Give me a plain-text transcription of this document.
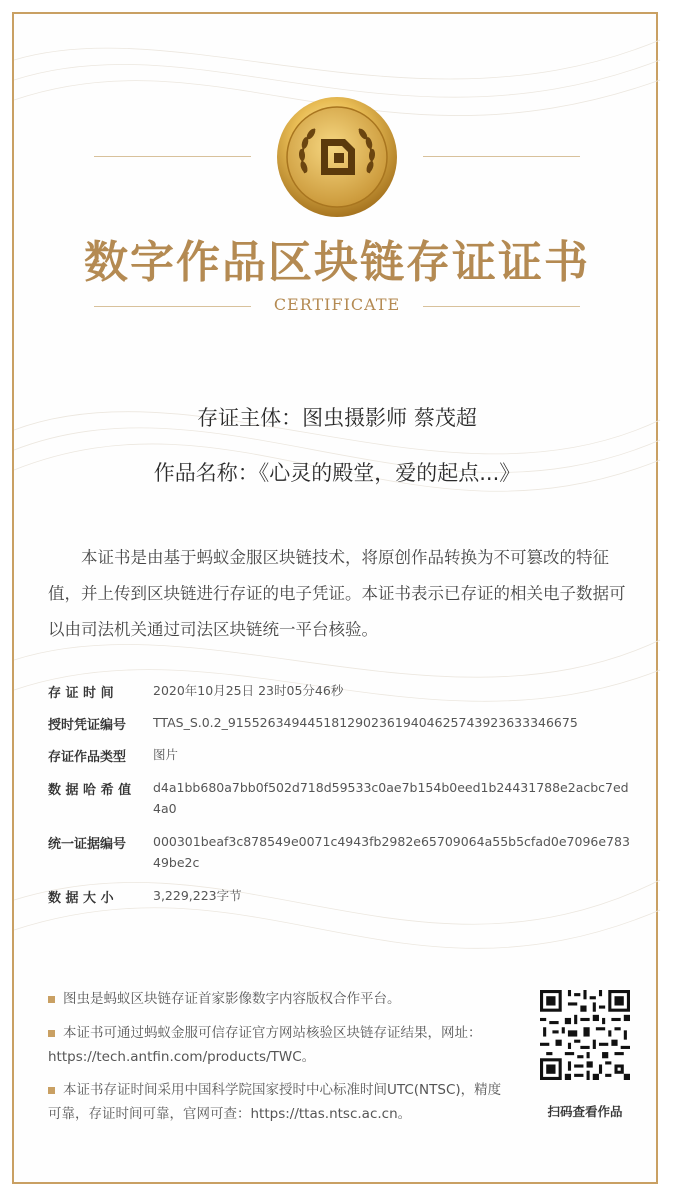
数字作品区块链存证证书
CERTIFICATE
存证主体：图虫摄影师 蔡茂超
作品名称：《心灵的殿堂，爱的起点...》
本证书是由基于蚂蚁金服区块链技术，将原创作品转换为不可篡改的特征值，并上传到区块链进行存证的电子凭证。本证书表示已存证的相关电子数据可以由司法机关通过司法区块链统一平台核验。
存 证 时 间	2020年10月25日 23时05分46秒
授时凭证编号	TTAS_S.0.2_91552634944518129023619404625743923633346675
存证作品类型	图片
数 据 哈 希 值	d4a1bb680a7bb0f502d718d59533c0ae7b154b0eed1b24431788e2acbc7ed4a0
统一证据编号	000301beaf3c878549e0071c4943fb2982e65709064a55b5cfad0e7096e78349be2c
数 据 大 小	3,229,223字节
图虫是蚂蚁区块链存证首家影像数字内容版权合作平台。
本证书可通过蚂蚁金服可信存证官方网站核验区块链存证结果，网址：https://tech.antfin.com/products/TWC。
本证书存证时间采用中国科学院国家授时中心标准时间UTC(NTSC)，精度可靠，存证时间可靠，官网可查：https://ttas.ntsc.ac.cn。	扫码查看作品
